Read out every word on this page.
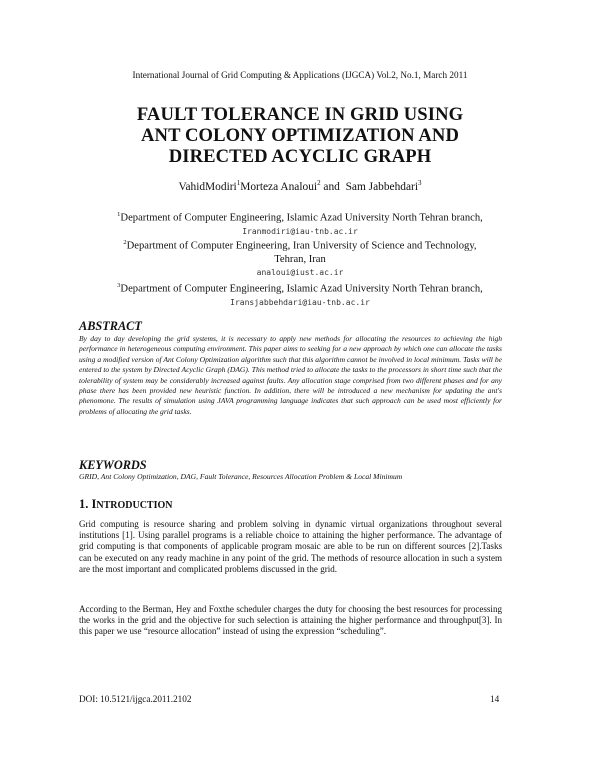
International Journal of Grid Computing & Applications (IJGCA) Vol.2, No.1, March 2011
FAULT TOLERANCE IN GRID USING
ANT COLONY OPTIMIZATION AND
DIRECTED ACYCLIC GRAPH
VahidModiri$^1$Morteza Analoui$^2$ and  Sam Jabbehdari$^3$
$^1$Department of Computer Engineering, Islamic Azad University North Tehran branch,
Iranmodiri@iau-tnb.ac.ir
$^2$Department of Computer Engineering, Iran University of Science and Technology,
Tehran, Iran
analoui@iust.ac.ir
$^3$Department of Computer Engineering, Islamic Azad University North Tehran branch,
Iransjabbehdari@iau-tnb.ac.ir
ABSTRACT
By day to day developing the grid systems, it is necessary to apply new methods for allocating the resources to achieving the high performance in heterogeneous computing environment. This paper aims to seeking for a new approach by which one can allocate the tasks using a modified version of Ant Colony Optimization algorithm such that this algorithm cannot be involved in local minimum. Tasks will be entered to the system by Directed Acyclic Graph (DAG). This method tried to allocate the tasks to the processors in short time such that the tolerability of system may be considerably increased against faults. Any allocation stage comprised from two different phases and for any phase there has been provided new heuristic function. In addition, there will be introduced a new mechanism for updating the ant's phenomone. The results of simulation using JAVA programming language indicates that such approach can be used most efficiently for problems of allocating the grid tasks.
KEYWORDS
GRID, Ant Colony Optimization, DAG, Fault Tolerance, Resources Allocation Problem & Local Minimum
1. INTRODUCTION
Grid computing is resource sharing and problem solving in dynamic virtual organizations throughout several institutions [1]. Using parallel programs is a reliable choice to attaining the higher performance. The advantage of grid computing is that components of applicable program mosaic are able to be run on different sources [2].Tasks can be executed on any ready machine in any point of the grid. The methods of resource allocation in such a system are the most important and complicated problems discussed in the grid.
According to the Berman, Hey and Foxthe scheduler charges the duty for choosing the best resources for processing the works in the grid and the objective for such selection is attaining the higher performance and throughput[3]. In this paper we use “resource allocation” instead of using the expression “scheduling”.
DOI: 10.5121/ijgca.2011.2102	14
